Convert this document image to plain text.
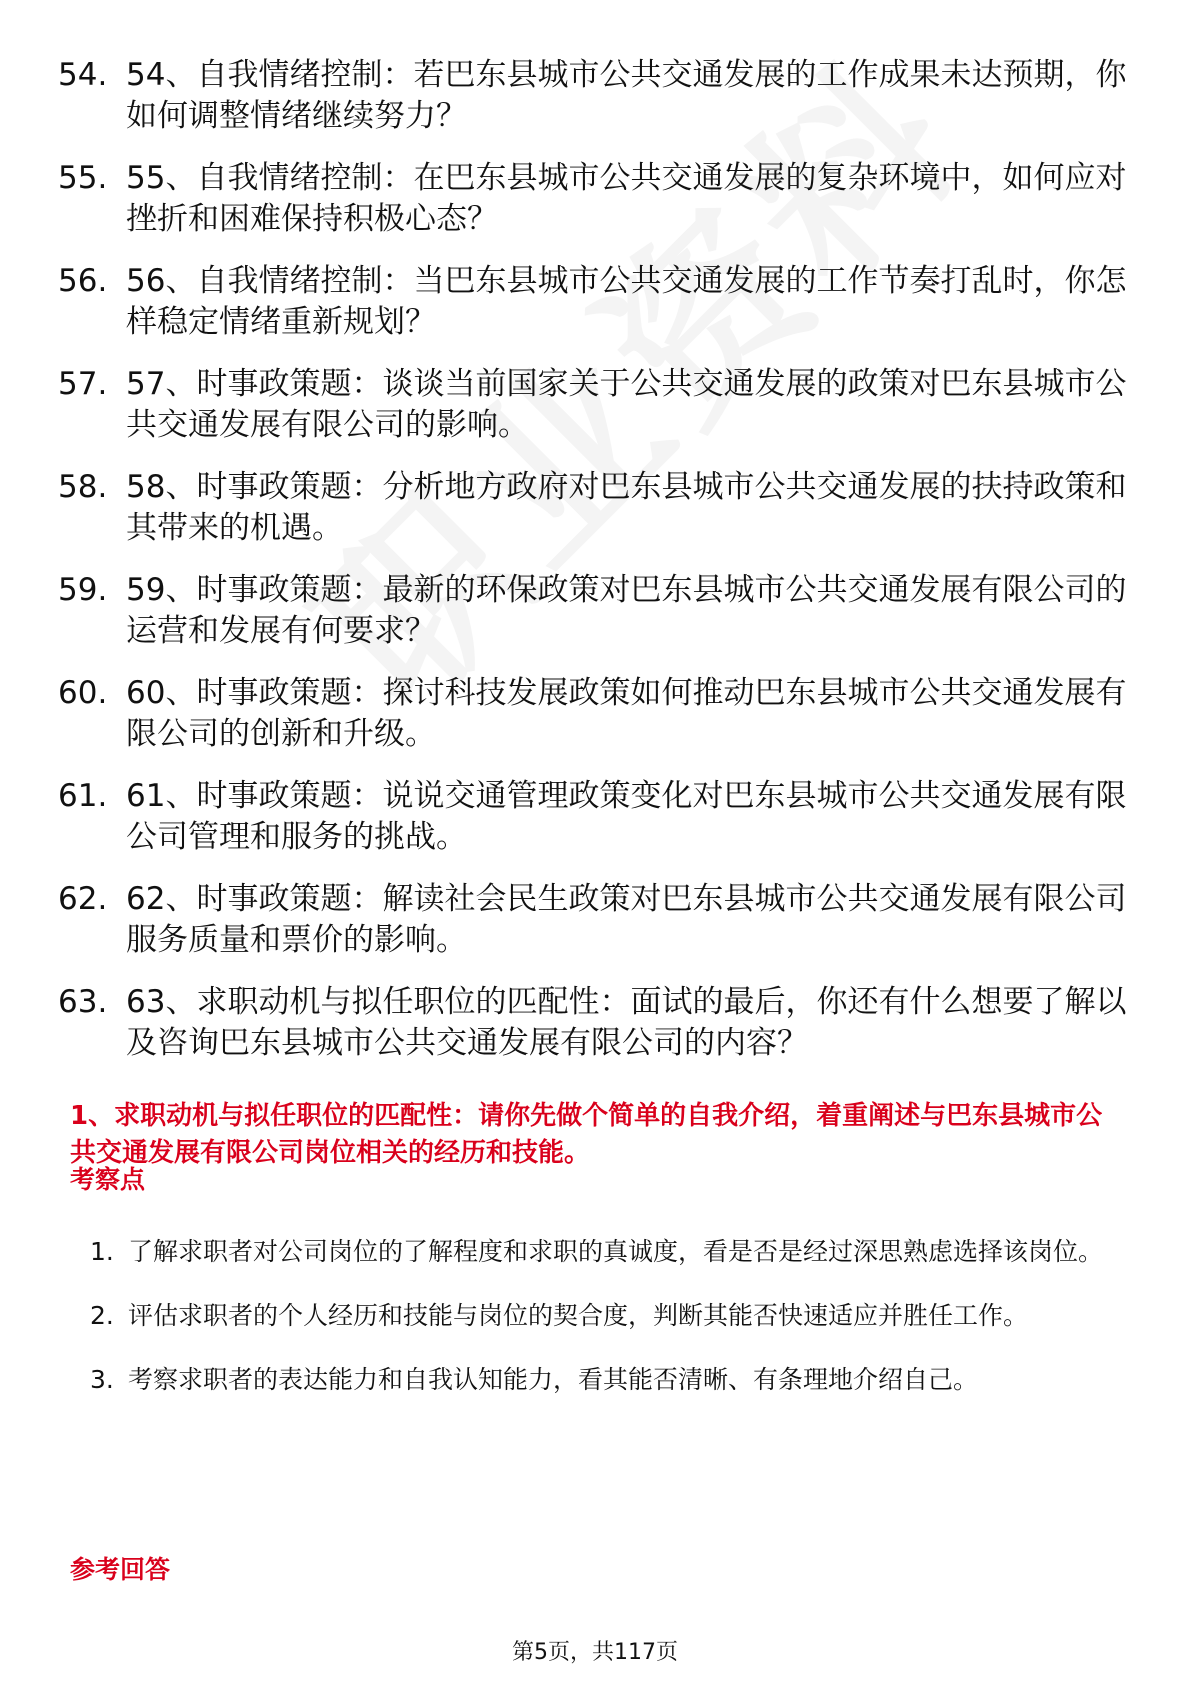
54. 54、自我情绪控制：若巴东县城市公共交通发展的工作成果未达预期，你如何调整情绪继续努力？
55. 55、自我情绪控制：在巴东县城市公共交通发展的复杂环境中，如何应对挫折和困难保持积极心态？
56. 56、自我情绪控制：当巴东县城市公共交通发展的工作节奏打乱时，你怎样稳定情绪重新规划？
57. 57、时事政策题：谈谈当前国家关于公共交通发展的政策对巴东县城市公共交通发展有限公司的影响。
58. 58、时事政策题：分析地方政府对巴东县城市公共交通发展的扶持政策和其带来的机遇。
59. 59、时事政策题：最新的环保政策对巴东县城市公共交通发展有限公司的运营和发展有何要求？
60. 60、时事政策题：探讨科技发展政策如何推动巴东县城市公共交通发展有限公司的创新和升级。
61. 61、时事政策题：说说交通管理政策变化对巴东县城市公共交通发展有限公司管理和服务的挑战。
62. 62、时事政策题：解读社会民生政策对巴东县城市公共交通发展有限公司服务质量和票价的影响。
63. 63、求职动机与拟任职位的匹配性：面试的最后，你还有什么想要了解以及咨询巴东县城市公共交通发展有限公司的内容？
1、求职动机与拟任职位的匹配性：请你先做个简单的自我介绍，着重阐述与巴东县城市公共交通发展有限公司岗位相关的经历和技能。
考察点
1. 了解求职者对公司岗位的了解程度和求职的真诚度，看是否是经过深思熟虑选择该岗位。
2. 评估求职者的个人经历和技能与岗位的契合度，判断其能否快速适应并胜任工作。
3. 考察求职者的表达能力和自我认知能力，看其能否清晰、有条理地介绍自己。
参考回答
第5页，共117页
